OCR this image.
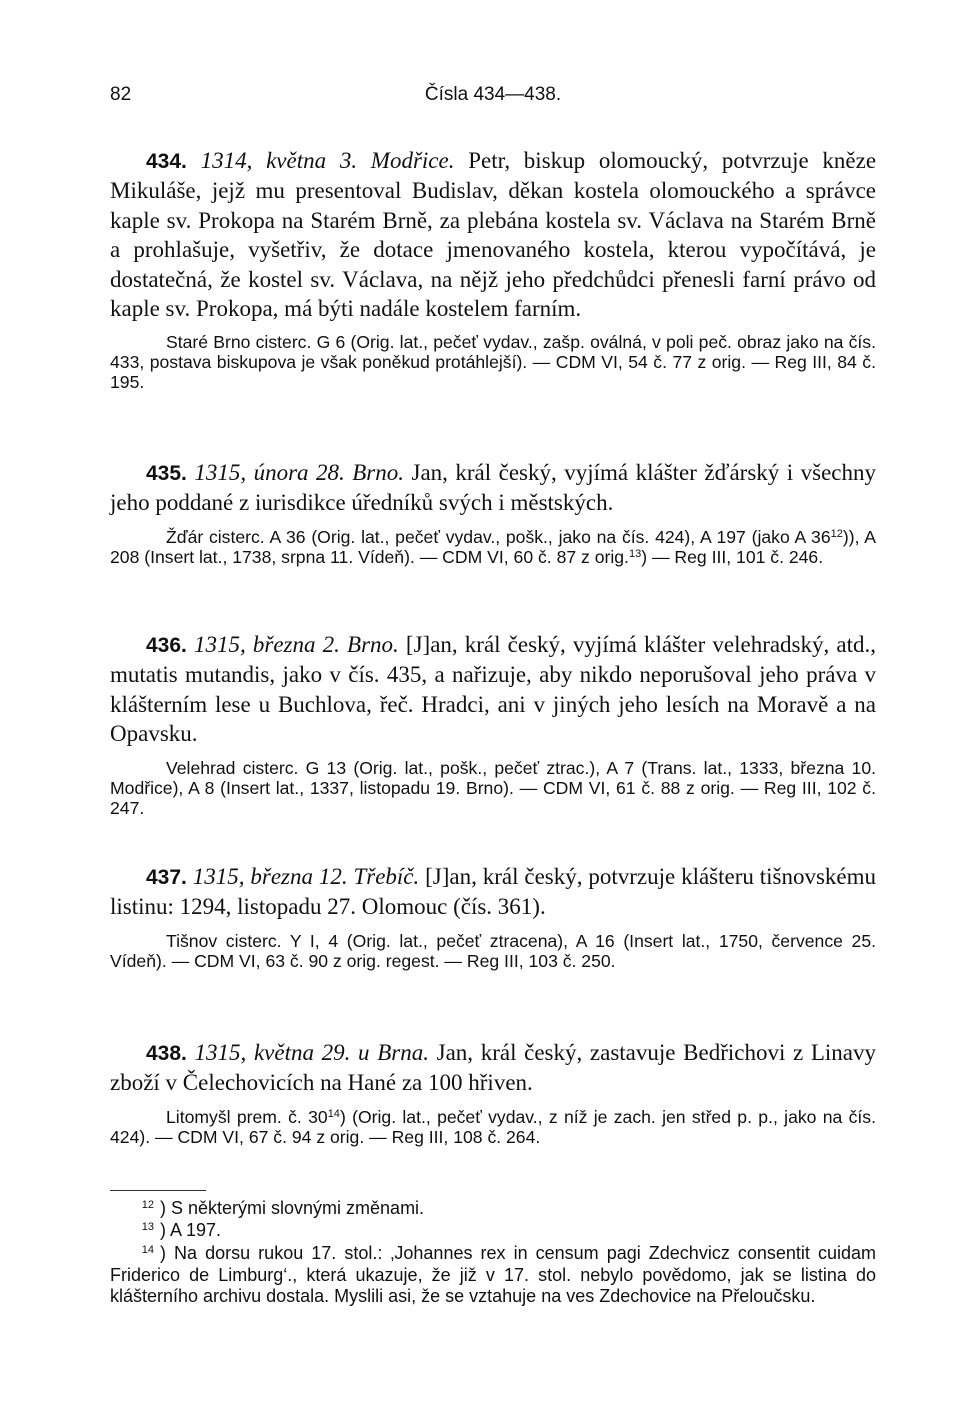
82	Čísla 434—438.

434. 1314, května 3. Modřice. Petr, biskup olomoucký, potvrzuje kněze Mikuláše, jejž mu presentoval Budislav, děkan kostela olomouckého a správce kaple sv. Prokopa na Starém Brně, za plebána kostela sv. Václava na Starém Brně a prohlašuje, vyšetřiv, že dotace jmenovaného kostela, kterou vypočítává, je dostatečná, že kostel sv. Václava, na nějž jeho předchůdci přenesli farní právo od kaple sv. Prokopa, má býti nadále kostelem farním.

Staré Brno cisterc. G 6 (Orig. lat., pečeť vydav., zašp. oválná, v poli peč. obraz jako na čís. 433, postava biskupova je však poněkud protáhlejší). — CDM VI, 54 č. 77 z orig. — Reg III, 84 č. 195.

435. 1315, února 28. Brno. Jan, král český, vyjímá klášter žďárský i všechny jeho poddané z iurisdikce úředníků svých i městských.

Žďár cisterc. A 36 (Orig. lat., pečeť vydav., pošk., jako na čís. 424), A 197 (jako A $36^{12}$)), A 208 (Insert lat., 1738, srpna 11. Vídeň). — CDM VI, 60 č. 87 z orig.$^{13}$) — Reg III, 101 č. 246.

436. 1315, března 2. Brno. [J]an, král český, vyjímá klášter velehradský, atd., mutatis mutandis, jako v čís. 435, a nařizuje, aby nikdo neporušoval jeho práva v klášterním lese u Buchlova, řeč. Hradci, ani v jiných jeho lesích na Moravě a na Opavsku.

Velehrad cisterc. G 13 (Orig. lat., pošk., pečeť ztrac.), A 7 (Trans. lat., 1333, března 10. Modřice), A 8 (Insert lat., 1337, listopadu 19. Brno). — CDM VI, 61 č. 88 z orig. — Reg III, 102 č. 247.

437. 1315, března 12. Třebíč. [J]an, král český, potvrzuje klášteru tišnovskému listinu: 1294, listopadu 27. Olomouc (čís. 361).

Tišnov cisterc. Y I, 4 (Orig. lat., pečeť ztracena), A 16 (Insert lat., 1750, července 25. Vídeň). — CDM VI, 63 č. 90 z orig. regest. — Reg III, 103 č. 250.

438. 1315, května 29. u Brna. Jan, král český, zastavuje Bedřichovi z Linavy zboží v Čelechovicích na Hané za 100 hřiven.

Litomyšl prem. č. $30^{14}$) (Orig. lat., pečeť vydav., z níž je zach. jen střed p. p., jako na čís. 424). — CDM VI, 67 č. 94 z orig. — Reg III, 108 č. 264.

$^{12}$ ) S některými slovnými změnami.
$^{13}$ ) A 197.
$^{14}$ ) Na dorsu rukou 17. stol.: ‚Johannes rex in censum pagi Zdechvicz consentit cuidam Friderico de Limburg‘., která ukazuje, že již v 17. stol. nebylo povědomo, jak se listina do klášterního archivu dostala. Myslili asi, že se vztahuje na ves Zdechovice na Přeloučsku.
